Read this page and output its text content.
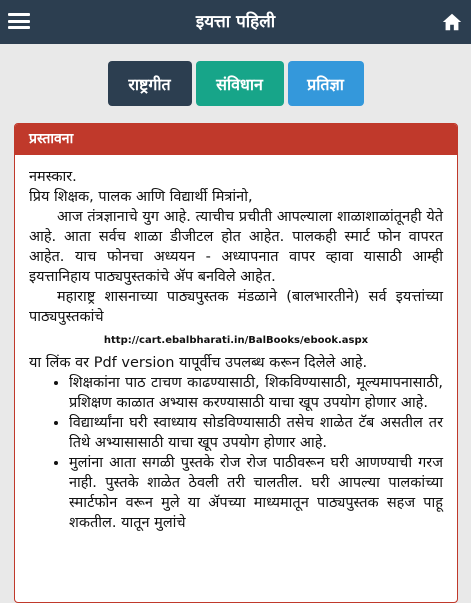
इयत्ता पहिली
राष्ट्रगीत	संविधान	प्रतिज्ञा
प्रस्तावना

नमस्कार.

प्रिय शिक्षक, पालक आणि विद्यार्थी मित्रांनो,

आज तंत्रज्ञानाचे युग आहे. त्याचीच प्रचीती आपल्याला शाळाशाळांतूनही येते आहे. आता सर्वच शाळा डीजीटल होत आहेत. पालकही स्मार्ट फोन वापरत आहेत. याच फोनचा अध्ययन - अध्यापनात वापर व्हावा यासाठी आम्ही इयत्तानिहाय पाठ्यपुस्तकांचे ॲप बनविले आहेत.

महाराष्ट्र शासनाच्या पाठ्यपुस्तक मंडळाने (बालभारतीने) सर्व इयत्तांच्या पाठ्यपुस्तकांचे

http://cart.ebalbharati.in/BalBooks/ebook.aspx

या लिंक वर Pdf version यापूर्वीच उपलब्ध करून दिलेले आहे.

• शिक्षकांना पाठ टाचण काढण्यासाठी, शिकविण्यासाठी, मूल्यमापनासाठी, प्रशिक्षण काळात अभ्यास करण्यासाठी याचा खूप उपयोग होणार आहे.
• विद्यार्थ्यांना घरी स्वाध्याय सोडविण्यासाठी तसेच शाळेत टॅब असतील तर तिथे अभ्यासासाठी याचा खूप उपयोग होणार आहे.
• मुलांना आता सगळी पुस्तके रोज रोज पाठीवरून घरी आणण्याची गरज नाही. पुस्तके शाळेत ठेवली तरी चालतील. घरी आपल्या पालकांच्या स्मार्टफोन वरून मुले या ॲपच्या माध्यमातून पाठ्यपुस्तक सहज पाहू शकतील. यातून मुलांचे
